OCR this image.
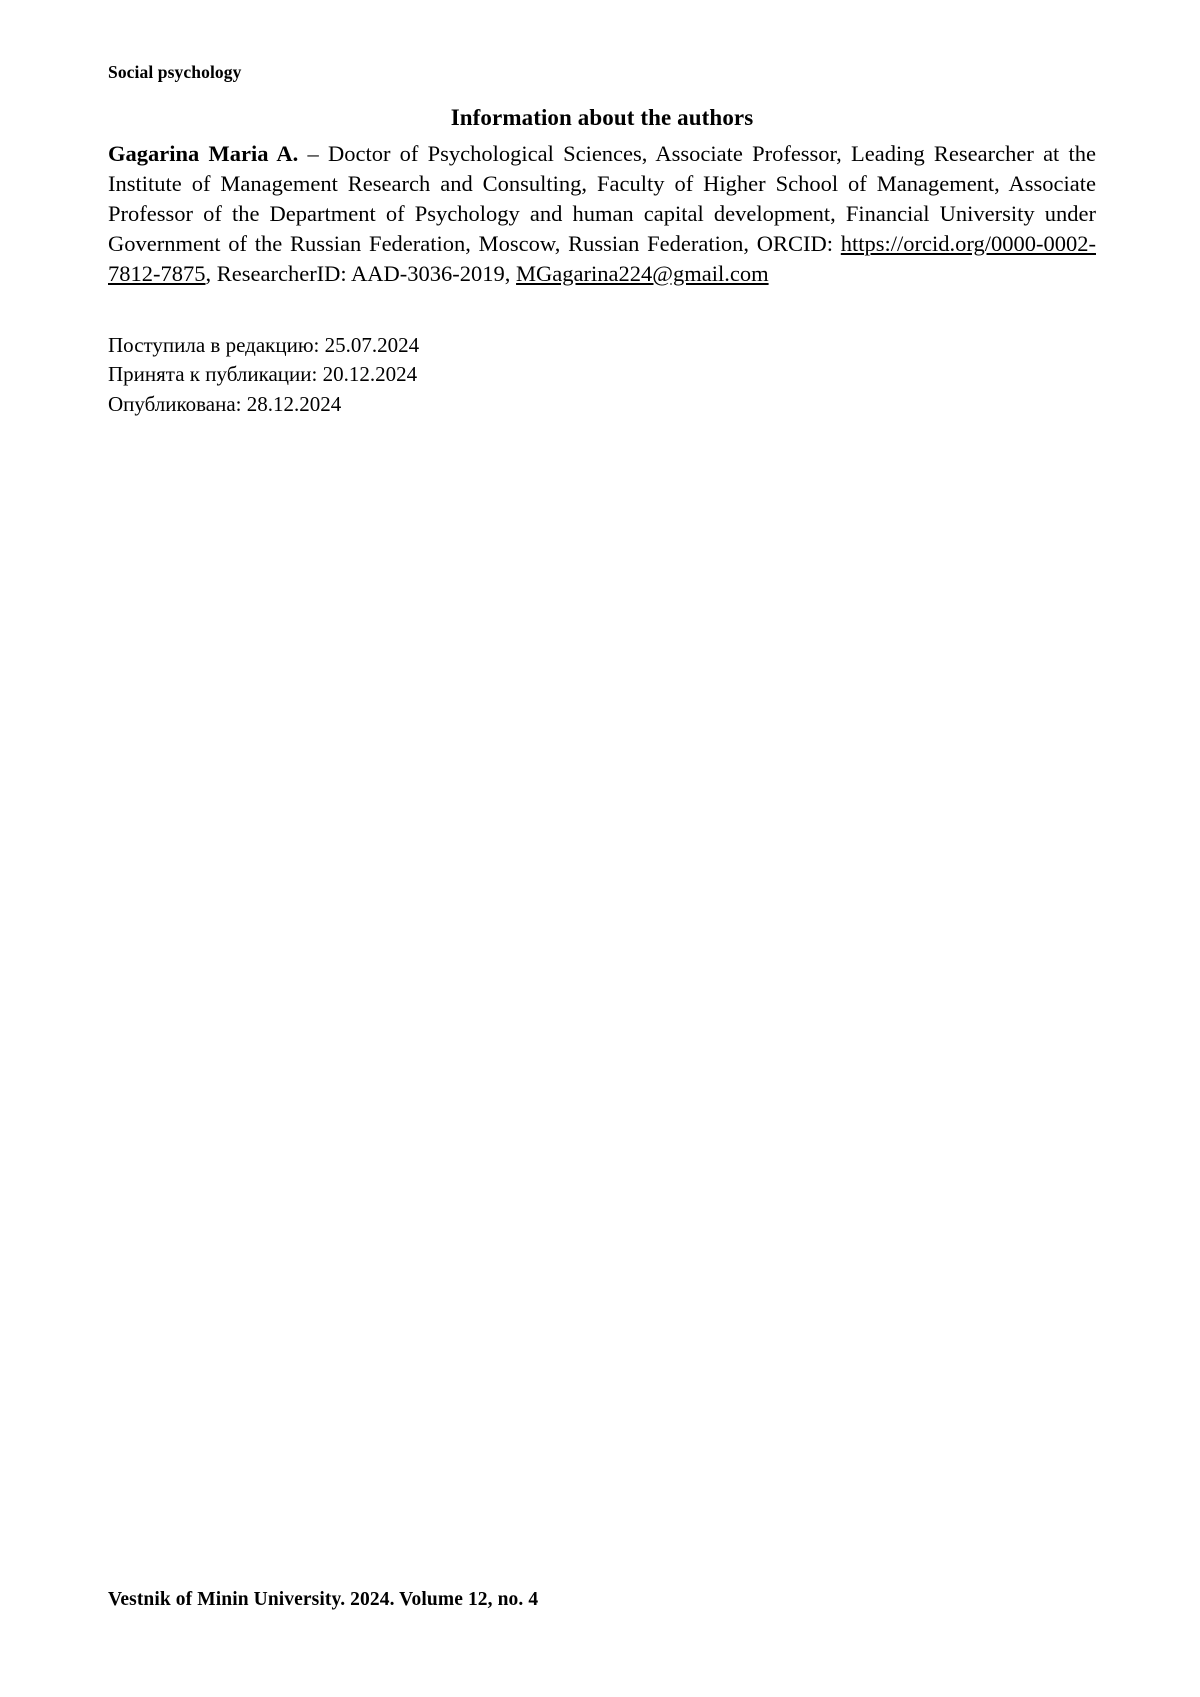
Social psychology
Information about the authors

Gagarina Maria A. – Doctor of Psychological Sciences, Associate Professor, Leading Researcher at the Institute of Management Research and Consulting, Faculty of Higher School of Management, Associate Professor of the Department of Psychology and human capital development, Financial University under Government of the Russian Federation, Moscow, Russian Federation, ORCID: https://orcid.org/0000-0002-7812-7875, ResearcherID: AAD-3036-2019, MGagarina224@gmail.com

Поступила в редакцию: 25.07.2024
Принята к публикации: 20.12.2024
Опубликована: 28.12.2024
Vestnik of Minin University. 2024. Volume 12, no. 4
